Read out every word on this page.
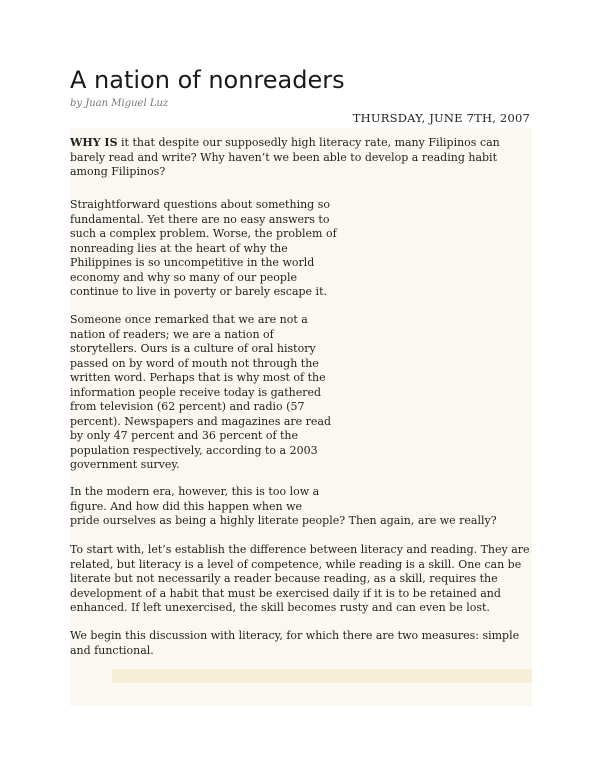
A nation of nonreaders
by Juan Miguel Luz
THURSDAY, JUNE 7TH, 2007

WHY IS it that despite our supposedly high literacy rate, many Filipinos can barely read and write? Why haven’t we been able to develop a reading habit among Filipinos?

Straightforward questions about something so fundamental. Yet there are no easy answers to such a complex problem. Worse, the problem of nonreading lies at the heart of why the Philippines is so uncompetitive in the world economy and why so many of our people continue to live in poverty or barely escape it.

Someone once remarked that we are not a nation of readers; we are a nation of storytellers. Ours is a culture of oral history passed on by word of mouth not through the written word. Perhaps that is why most of the information people receive today is gathered from television (62 percent) and radio (57 percent). Newspapers and magazines are read by only 47 percent and 36 percent of the population respectively, according to a 2003 government survey.

In the modern era, however, this is too low a
figure. And how did this happen when we
pride ourselves as being a highly literate people? Then again, are we really?

To start with, let’s establish the difference between literacy and reading. They are related, but literacy is a level of competence, while reading is a skill. One can be literate but not necessarily a reader because reading, as a skill, requires the development of a habit that must be exercised daily if it is to be retained and enhanced. If left unexercised, the skill becomes rusty and can even be lost.

We begin this discussion with literacy, for which there are two measures: simple and functional.
